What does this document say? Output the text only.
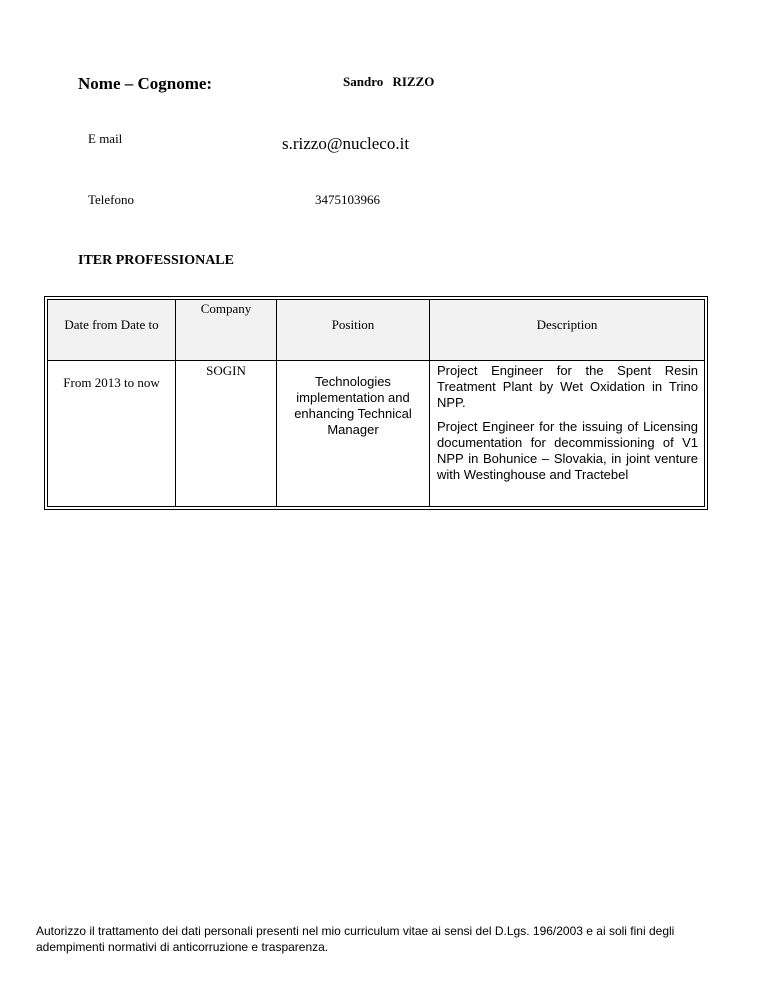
Nome – Cognome:	Sandro RIZZO
E mail	s.rizzo@nucleco.it
Telefono	3475103966
ITER PROFESSIONALE
Date from Date to	Company	Position	Description

From 2013 to now	SOGIN	Technologies implementation and enhancing Technical Manager	Project Engineer for the Spent Resin Treatment Plant by Wet Oxidation in Trino NPP.

Project Engineer for the issuing of Licensing documentation for decommissioning of V1 NPP in Bohunice – Slovakia, in joint venture with Westinghouse and Tractebel

Autorizzo il trattamento dei dati personali presenti nel mio curriculum vitae ai sensi del D.Lgs. 196/2003 e ai soli fini degli adempimenti normativi di anticorruzione e trasparenza.
